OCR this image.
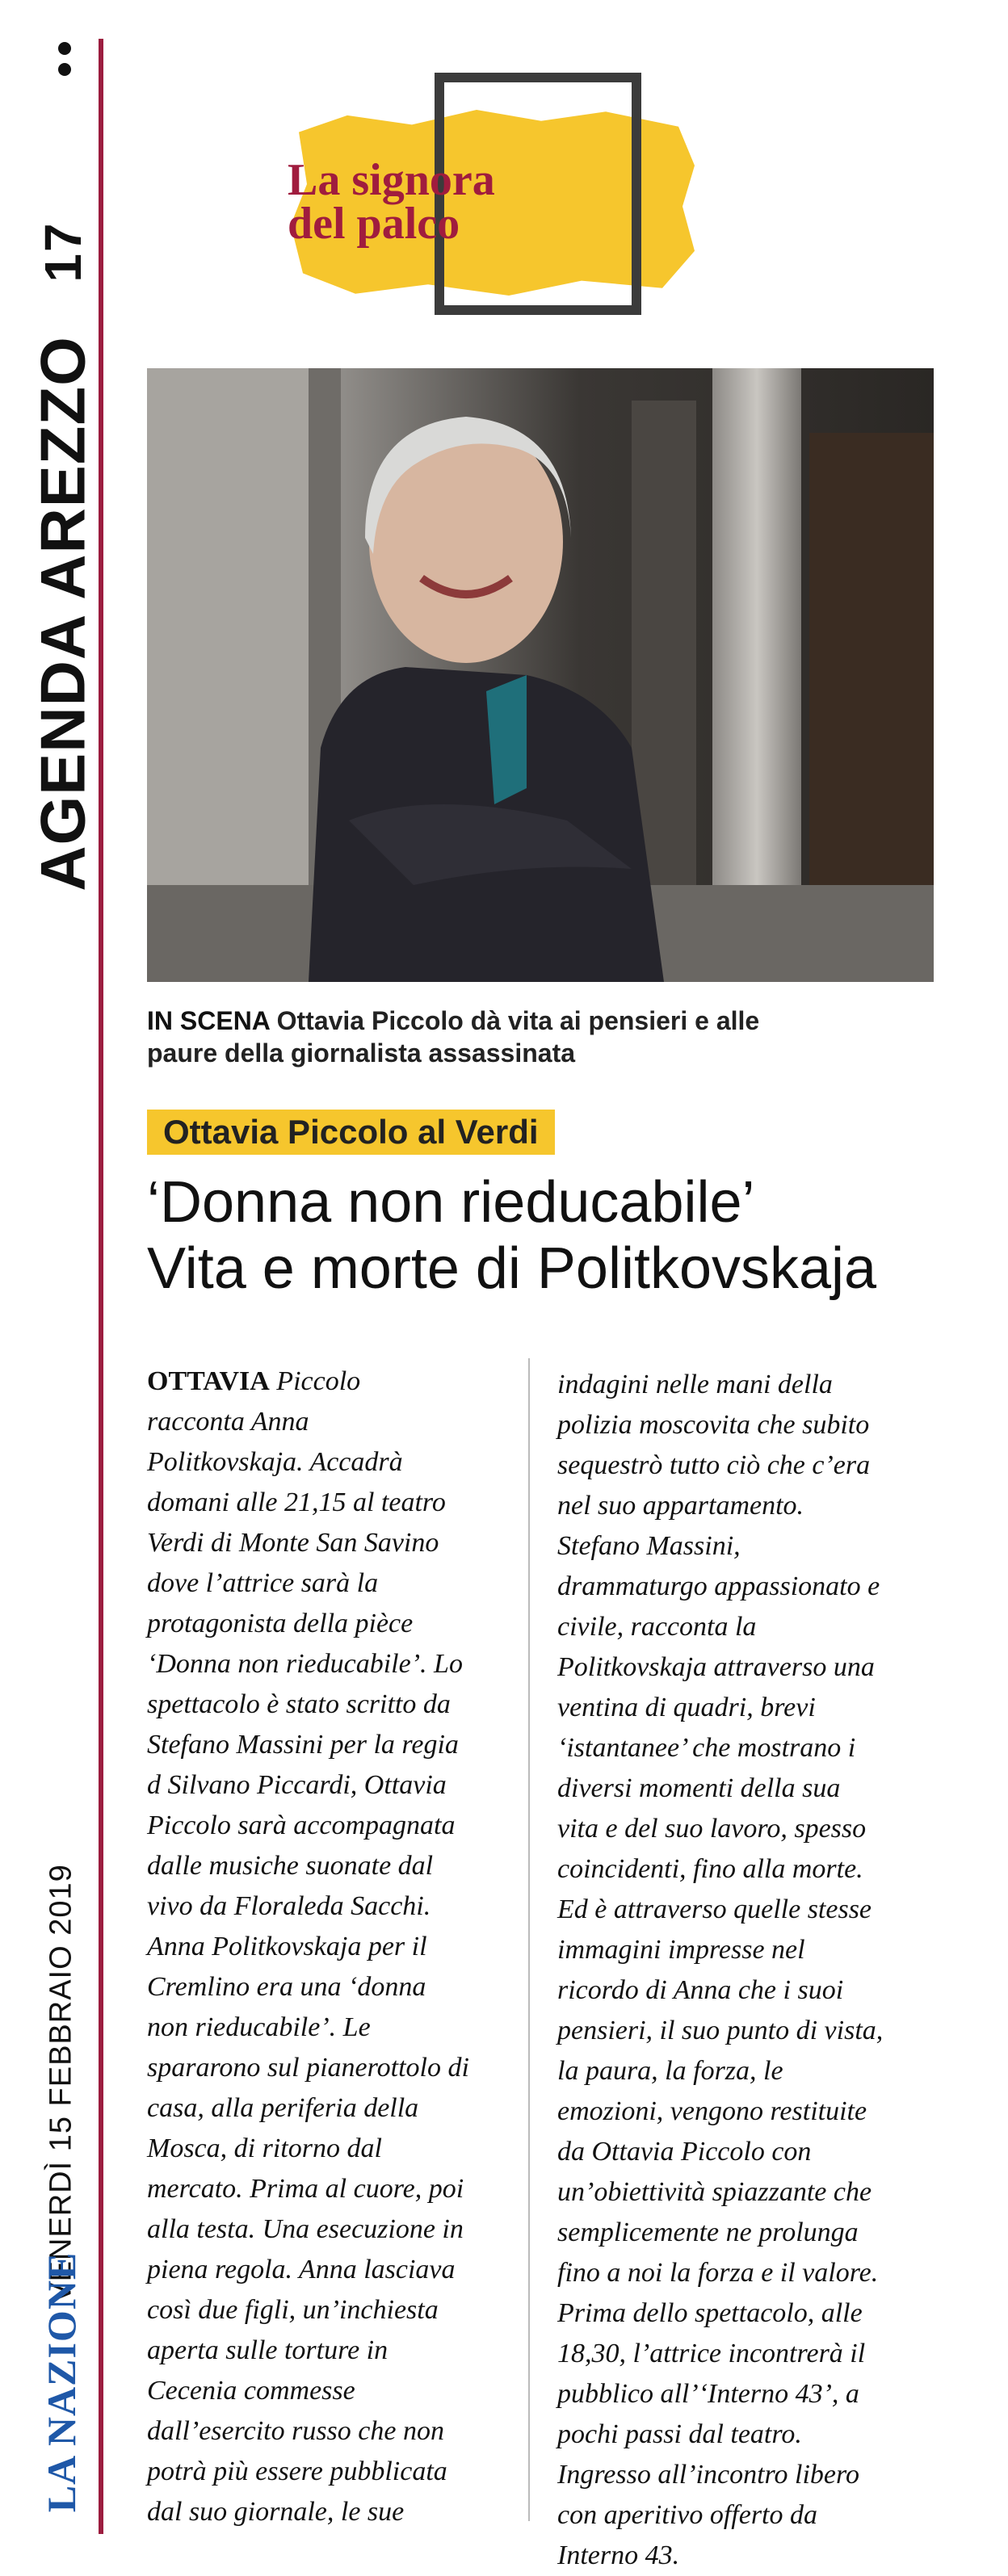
17
AGENDA AREZZO
VENERDÌ 15 FEBBRAIO 2019
LA NAZIONE
La signora
del palco
IN SCENA Ottavia Piccolo dà vita ai pensieri e alle
paure della giornalista assassinata
Ottavia Piccolo al Verdi
‘Donna non rieducabile’
Vita e morte di Politkovskaja
OTTAVIA Piccolo
racconta Anna
Politkovskaja. Accadrà
domani alle 21,15 al teatro
Verdi di Monte San Savino
dove l’attrice sarà la
protagonista della pièce
‘Donna non rieducabile’. Lo
spettacolo è stato scritto da
Stefano Massini per la regia
d Silvano Piccardi, Ottavia
Piccolo sarà accompagnata
dalle musiche suonate dal
vivo da Floraleda Sacchi.
Anna Politkovskaja per il
Cremlino era una ‘donna
non rieducabile’. Le
spararono sul pianerottolo di
casa, alla periferia della
Mosca, di ritorno dal
mercato. Prima al cuore, poi
alla testa. Una esecuzione in
piena regola. Anna lasciava
così due figli, un’inchiesta
aperta sulle torture in
Cecenia commesse
dall’esercito russo che non
potrà più essere pubblicata
dal suo giornale, le sue
indagini nelle mani della
polizia moscovita che subito
sequestrò tutto ciò che c’era
nel suo appartamento.
Stefano Massini,
drammaturgo appassionato e
civile, racconta la
Politkovskaja attraverso una
ventina di quadri, brevi
‘istantanee’ che mostrano i
diversi momenti della sua
vita e del suo lavoro, spesso
coincidenti, fino alla morte.
Ed è attraverso quelle stesse
immagini impresse nel
ricordo di Anna che i suoi
pensieri, il suo punto di vista,
la paura, la forza, le
emozioni, vengono restituite
da Ottavia Piccolo con
un’obiettività spiazzante che
semplicemente ne prolunga
fino a noi la forza e il valore.
Prima dello spettacolo, alle
18,30, l’attrice incontrerà il
pubblico all’‘Interno 43’, a
pochi passi dal teatro.
Ingresso all’incontro libero
con aperitivo offerto da
Interno 43.
